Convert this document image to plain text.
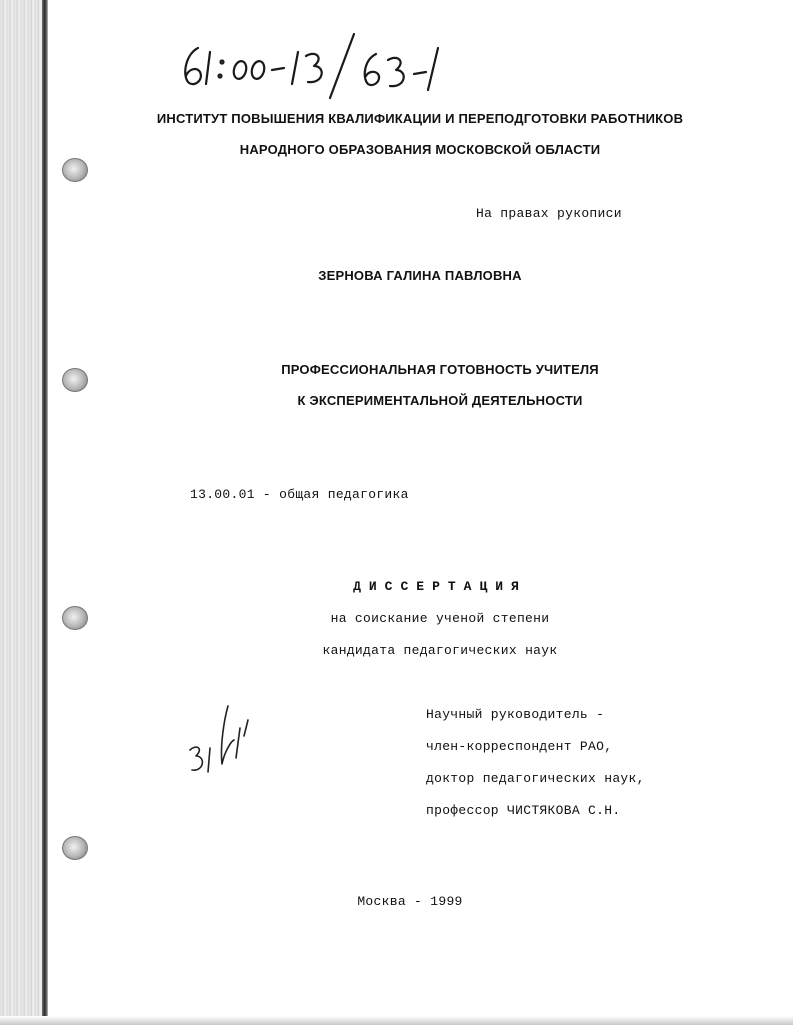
ИНСТИТУТ ПОВЫШЕНИЯ КВАЛИФИКАЦИИ И ПЕРЕПОДГОТОВКИ РАБОТНИКОВ
НАРОДНОГО ОБРАЗОВАНИЯ МОСКОВСКОЙ ОБЛАСТИ
На правах рукописи
ЗЕРНОВА ГАЛИНА ПАВЛОВНА
ПРОФЕССИОНАЛЬНАЯ ГОТОВНОСТЬ УЧИТЕЛЯ
К ЭКСПЕРИМЕНТАЛЬНОЙ ДЕЯТЕЛЬНОСТИ
13.00.01 - общая педагогика
ДИССЕРТАЦИЯ
на соискание ученой степени
кандидата педагогических наук
Научный руководитель -
член-корреспондент РАО,
доктор педагогических наук,
профессор ЧИСТЯКОВА С.Н.
Москва - 1999
